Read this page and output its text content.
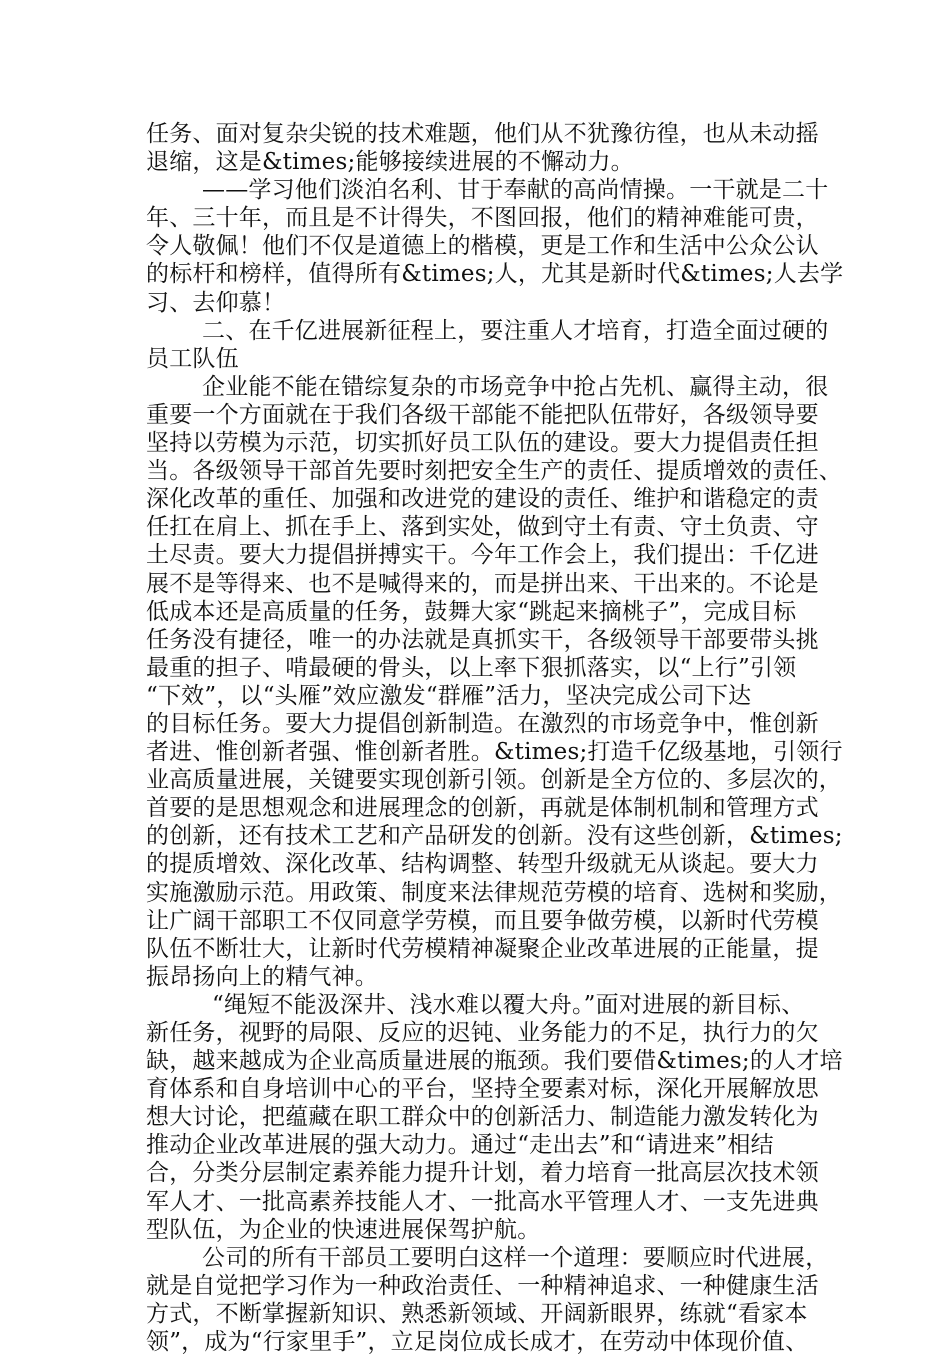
任务、面对复杂尖锐的技术难题，他们从不犹豫彷徨，也从未动摇
退缩，这是&times;能够接续进展的不懈动力。
——学习他们淡泊名利、甘于奉献的高尚情操。一干就是二十
年、三十年，而且是不计得失，不图回报，他们的精神难能可贵，
令人敬佩！他们不仅是道德上的楷模，更是工作和生活中公众公认
的标杆和榜样，值得所有&times;人，尤其是新时代&times;人去学
习、去仰慕！
二、在千亿进展新征程上，要注重人才培育，打造全面过硬的
员工队伍
企业能不能在错综复杂的市场竞争中抢占先机、赢得主动，很
重要一个方面就在于我们各级干部能不能把队伍带好，各级领导要
坚持以劳模为示范，切实抓好员工队伍的建设。要大力提倡责任担
当。各级领导干部首先要时刻把安全生产的责任、提质增效的责任、
深化改革的重任、加强和改进党的建设的责任、维护和谐稳定的责
任扛在肩上、抓在手上、落到实处，做到守土有责、守土负责、守
土尽责。要大力提倡拼搏实干。今年工作会上，我们提出：千亿进
展不是等得来、也不是喊得来的，而是拼出来、干出来的。不论是
低成本还是高质量的任务，鼓舞大家“跳起来摘桃子”，完成目标
任务没有捷径，唯一的办法就是真抓实干，各级领导干部要带头挑
最重的担子、啃最硬的骨头，以上率下狠抓落实，以“上行”引领
“下效”，以“头雁”效应激发“群雁”活力，坚决完成公司下达
的目标任务。要大力提倡创新制造。在激烈的市场竞争中，惟创新
者进、惟创新者强、惟创新者胜。&times;打造千亿级基地，引领行
业高质量进展，关键要实现创新引领。创新是全方位的、多层次的，
首要的是思想观念和进展理念的创新，再就是体制机制和管理方式
的创新，还有技术工艺和产品研发的创新。没有这些创新，&times;
的提质增效、深化改革、结构调整、转型升级就无从谈起。要大力
实施激励示范。用政策、制度来法律规范劳模的培育、选树和奖励，
让广阔干部职工不仅同意学劳模，而且要争做劳模，以新时代劳模
队伍不断壮大，让新时代劳模精神凝聚企业改革进展的正能量，提
振昂扬向上的精气神。
“绳短不能汲深井、浅水难以覆大舟。”面对进展的新目标、
新任务，视野的局限、反应的迟钝、业务能力的不足，执行力的欠
缺，越来越成为企业高质量进展的瓶颈。我们要借&times;的人才培
育体系和自身培训中心的平台，坚持全要素对标，深化开展解放思
想大讨论，把蕴藏在职工群众中的创新活力、制造能力激发转化为
推动企业改革进展的强大动力。通过“走出去”和“请进来”相结
合，分类分层制定素养能力提升计划，着力培育一批高层次技术领
军人才、一批高素养技能人才、一批高水平管理人才、一支先进典
型队伍，为企业的快速进展保驾护航。
公司的所有干部员工要明白这样一个道理：要顺应时代进展，
就是自觉把学习作为一种政治责任、一种精神追求、一种健康生活
方式，不断掌握新知识、熟悉新领域、开阔新眼界，练就“看家本
领”，成为“行家里手”，立足岗位成长成才，在劳动中体现价值、
